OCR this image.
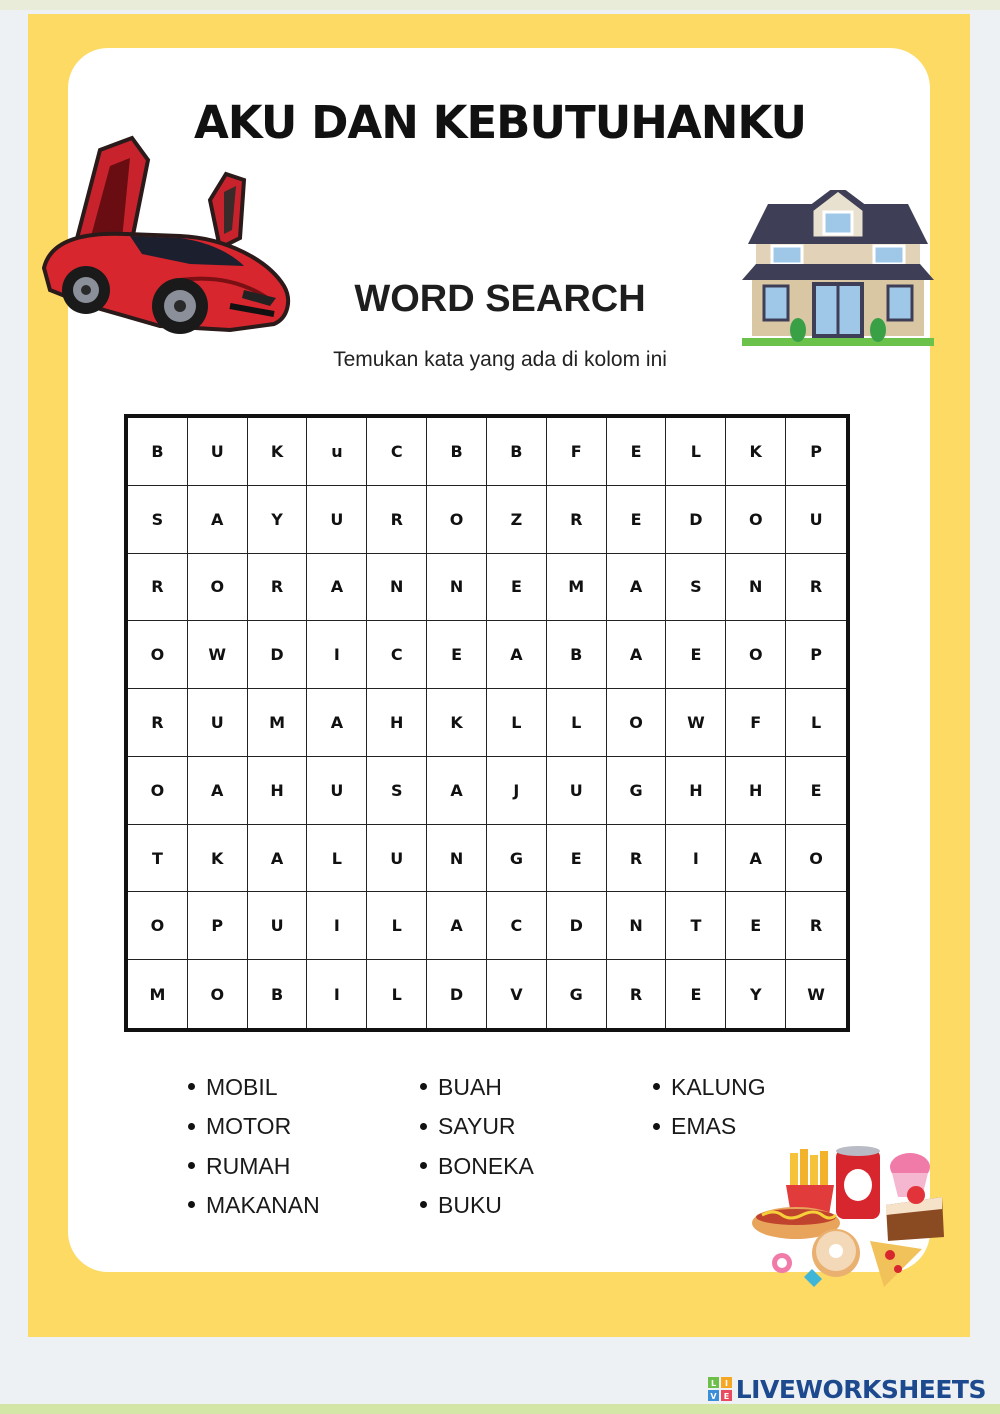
AKU DAN KEBUTUHANKU
WORD SEARCH

Temukan kata yang ada di kolom ini

B	U	K	u	C	B	B	F	E	L	K	P
S	A	Y	U	R	O	Z	R	E	D	O	U
R	O	R	A	N	N	E	M	A	S	N	R
O	W	D	I	C	E	A	B	A	E	O	P
R	U	M	A	H	K	L	L	O	W	F	L
O	A	H	U	S	A	J	U	G	H	H	E
T	K	A	L	U	N	G	E	R	I	A	O
O	P	U	I	L	A	C	D	N	T	E	R
M	O	B	I	L	D	V	G	R	E	Y	W
MOBIL
MOTOR
RUMAH
MAKANAN
BUAH
SAYUR
BONEKA
BUKU
KALUNG
EMAS
L I
V E LIVEWORKSHEETS
